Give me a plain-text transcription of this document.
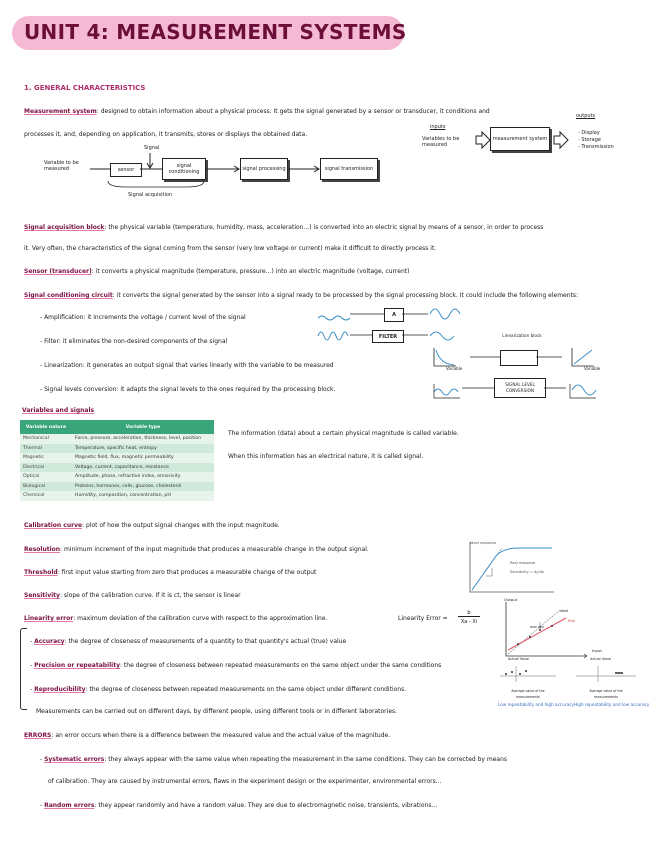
UNIT 4: MEASUREMENT SYSTEMS
1. GENERAL CHARACTERISTICS
Measurement system: designed to obtain information about a physical process. It gets the signal generated by a sensor or transducer, it conditions and
processes it, and, depending on application, it transmits, stores or displays the obtained data.
inputs
Variables to be measured
measurement system
outputs
- Display
- Storage
- Transmission
Variable to be measured
Signal
sensor
signal conditioning	signal processing	signal transmission
Signal acquisition
Signal acquisition block: the physical variable (temperature, humidity, mass, acceleration...) is converted into an electric signal by means of a sensor, in order to process
it. Very often, the characteristics of the signal coming from the sensor (very low voltage or current) make it difficult to directly process it.
Sensor (transducer): it converts a physical magnitude (temperature, pressure...) into an electric magnitude (voltage, current)
Signal conditioning circuit: it converts the signal generated by the sensor into a signal ready to be processed by the signal processing block. It could include the following elements:
- Amplification: it increments the voltage / current level of the signal
- Filter: it eliminates the non-desired components of the signal
- Linearization: it generates an output signal that varies linearly with the variable to be measured
- Signal levels conversion: it adapts the signal levels to the ones required by the processing block.
A
FILTER	Linearization block
Variable	Variable
SIGNAL LEVEL CONVERSION
Variables and signals
Variable nature	Variable type
Mechanical	Force, pressure, acceleration, thickness, level, position
Thermal	Temperature, specific heat, entropy
Magnetic	Magnetic field, flux, magnetic permeability
Electrical	Voltage, current, capacitance, resistance
Optical	Amplitude, phase, refractive index, emissivity
Biological	Proteins, hormones, cells, glucose, cholesterol
Chemical	Humidity, composition, concentration, pH
The information (data) about a certain physical magnitude is called variable.
When this information has an electrical nature, it is called signal.
Calibration curve: plot of how the output signal changes with the input magnitude.
Resolution: minimum increment of the input magnitude that produces a measurable change in the output signal.
Threshold: first input value starting from zero that produces a measurable change of the output
Sensitivity: slope of the calibration curve. If it is ct, the sensor is linear
Linearity error: maximum deviation of the calibration curve with respect to the approximation line.	Linearity Error =
b
Xa - Xi
- Accuracy: the degree of closeness of measurements of a quantity to that quantity's actual (true) value
- Precision or repeatability: the degree of closeness between repeated measurements on the same object under the same conditions
- Reproducibility: the degree of closeness between repeated measurements on the same object under different conditions.
Measurements can be carried out on different days, by different people, using different tools or in different laboratories.
Ideal response
Real response
Sensitivity = dy/dx
Output
Input
Ideal
Real
max dev
Actual Value	Actual Value
Average value of the measurements
Average value of the measurements
Low repeatability and high accuracy High repeatability and low accuracy
ERRORS: an error occurs when there is a difference between the measured value and the actual value of the magnitude.
- Systematic errors: they always appear with the same value when repeating the measurement in the same conditions. They can be corrected by means
of calibration. They are caused by instrumental errors, flaws in the experiment design or the experimenter, environmental errors...
- Random errors: they appear randomly and have a random value. They are due to electromagnetic noise, transients, vibrations...
